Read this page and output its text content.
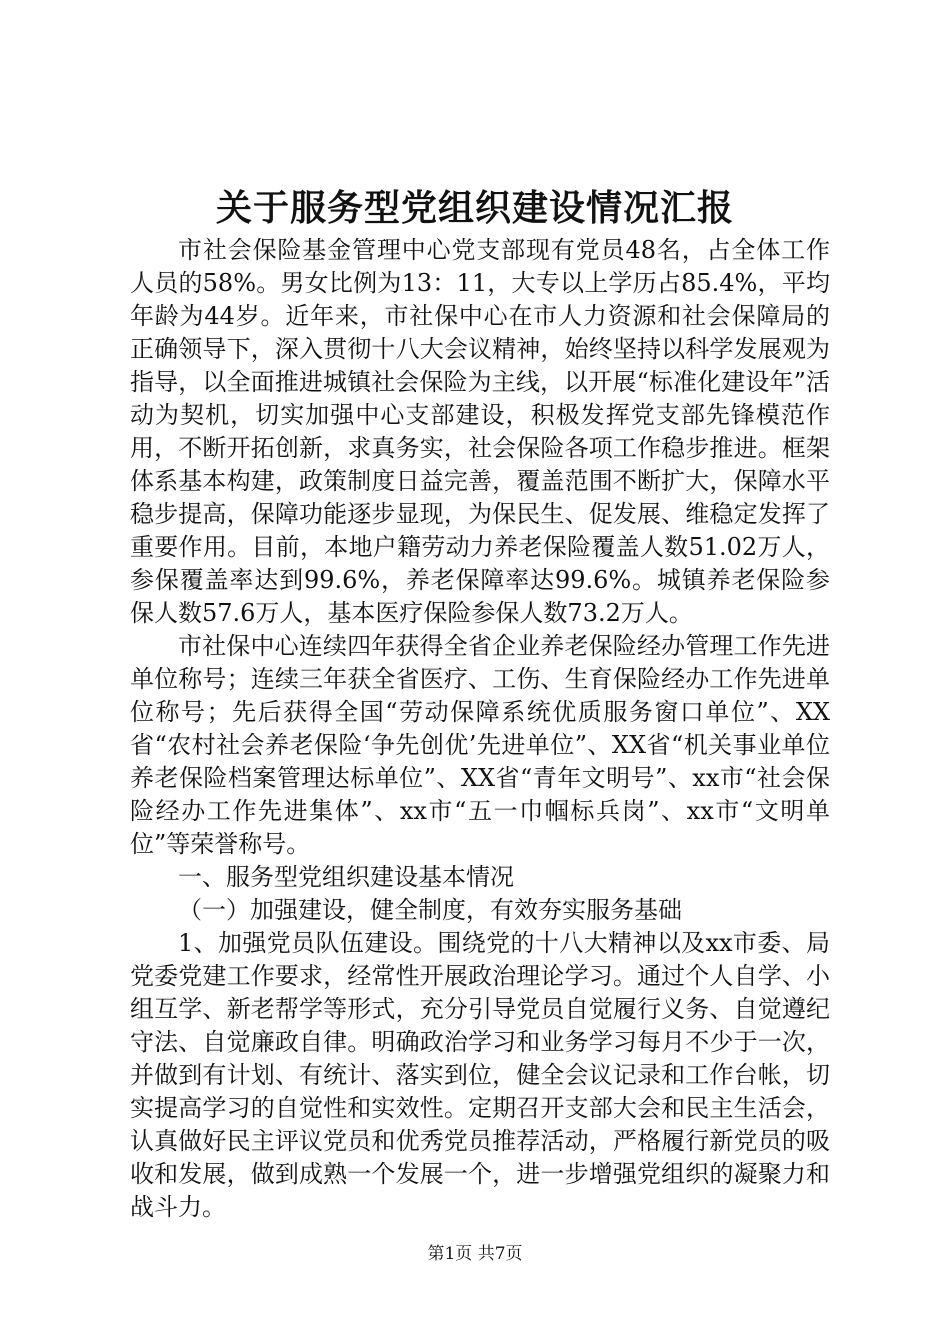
关于服务型党组织建设情况汇报

市社会保险基金管理中心党支部现有党员48名，占全体工作人员的58%。男女比例为13：11，大专以上学历占85.4%，平均年龄为44岁。近年来，市社保中心在市人力资源和社会保障局的正确领导下，深入贯彻十八大会议精神，始终坚持以科学发展观为指导，以全面推进城镇社会保险为主线，以开展“标准化建设年”活动为契机，切实加强中心支部建设，积极发挥党支部先锋模范作用，不断开拓创新，求真务实，社会保险各项工作稳步推进。框架体系基本构建，政策制度日益完善，覆盖范围不断扩大，保障水平稳步提高，保障功能逐步显现，为保民生、促发展、维稳定发挥了重要作用。目前，本地户籍劳动力养老保险覆盖人数51.02万人，参保覆盖率达到99.6%，养老保障率达99.6%。城镇养老保险参保人数57.6万人，基本医疗保险参保人数73.2万人。

市社保中心连续四年获得全省企业养老保险经办管理工作先进单位称号；连续三年获全省医疗、工伤、生育保险经办工作先进单位称号；先后获得全国“劳动保障系统优质服务窗口单位”、XX省“农村社会养老保险‘争先创优’先进单位”、XX省“机关事业单位养老保险档案管理达标单位”、XX省“青年文明号”、xx市“社会保险经办工作先进集体”、xx市“五一巾帼标兵岗”、xx市“文明单位”等荣誉称号。

一、服务型党组织建设基本情况

（一）加强建设，健全制度，有效夯实服务基础

1、加强党员队伍建设。围绕党的十八大精神以及xx市委、局党委党建工作要求，经常性开展政治理论学习。通过个人自学、小组互学、新老帮学等形式，充分引导党员自觉履行义务、自觉遵纪守法、自觉廉政自律。明确政治学习和业务学习每月不少于一次，并做到有计划、有统计、落实到位，健全会议记录和工作台帐，切实提高学习的自觉性和实效性。定期召开支部大会和民主生活会，认真做好民主评议党员和优秀党员推荐活动，严格履行新党员的吸收和发展，做到成熟一个发展一个，进一步增强党组织的凝聚力和战斗力。

第1页 共7页
